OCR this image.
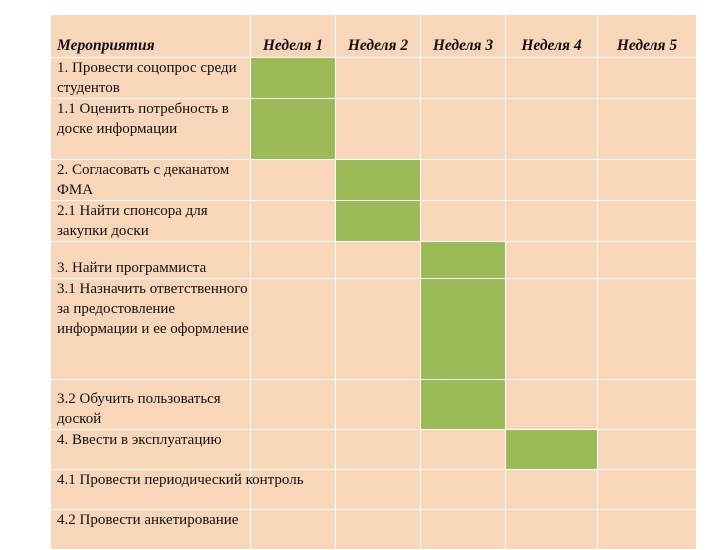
Мероприятия	Неделя 1	Неделя 2	Неделя 3	Неделя 4	Неделя 5
1. Провести соцопрос среди студентов					
1.1 Оценить потребность в доске информации					
2. Согласовать с деканатом ФМА					
2.1 Найти спонсора для закупки доски					
3. Найти программиста					
3.1 Назначить ответственного за предостовление информации и ее оформление					
3.2 Обучить пользоваться доской					
4. Ввести в эксплуатацию					
4.1 Провести периодический контроль					
4.2 Провести анкетирование					
